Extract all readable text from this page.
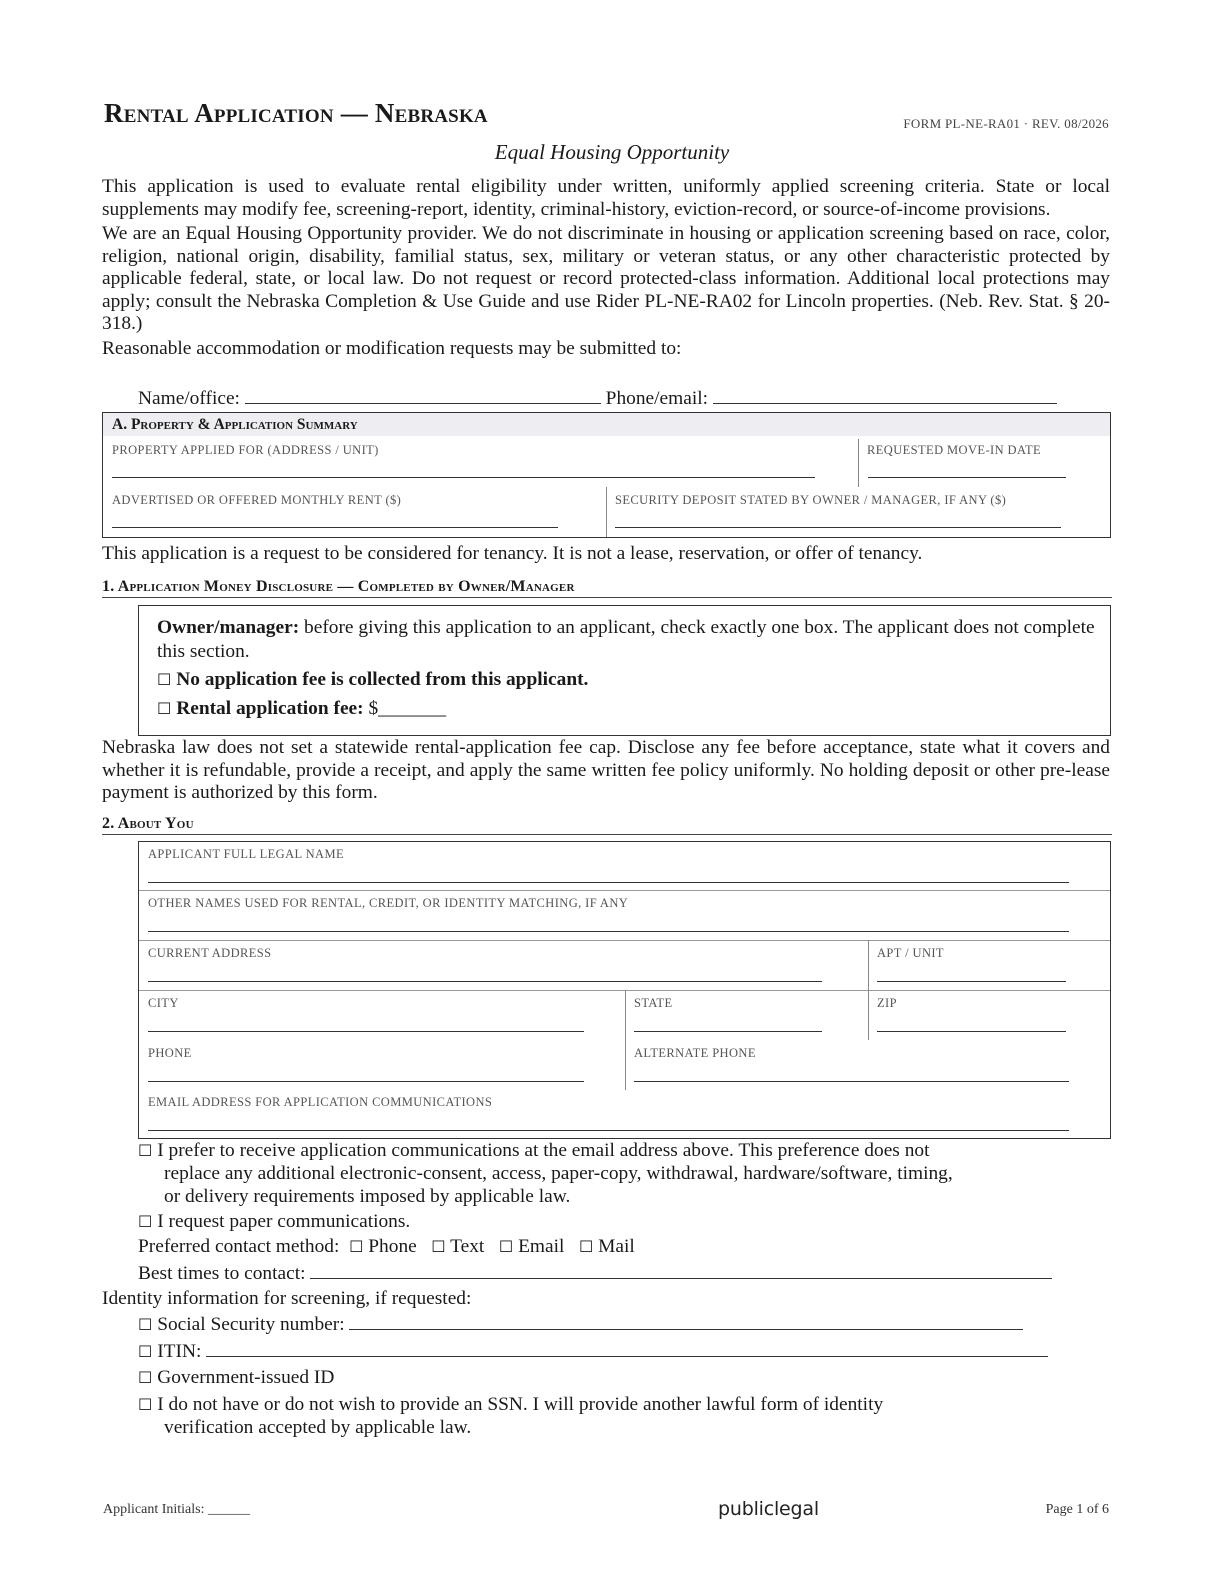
Rental Application — Nebraska	FORM PL-NE-RA01 · REV. 08/2026
Equal Housing Opportunity

This application is used to evaluate rental eligibility under written, uniformly applied screening criteria. State or local supplements may modify fee, screening-report, identity, criminal-history, eviction-record, or source-of-income provisions.

We are an Equal Housing Opportunity provider. We do not discriminate in housing or application screening based on race, color, religion, national origin, disability, familial status, sex, military or veteran status, or any other characteristic protected by applicable federal, state, or local law. Do not request or record protected-class information. Additional local protections may apply; consult the Nebraska Completion & Use Guide and use Rider PL-NE-RA02 for Lincoln properties. (Neb. Rev. Stat. § 20-318.)

Reasonable accommodation or modification requests may be submitted to:

Name/office:	Phone/email:
A. Property & Application Summary
PROPERTY APPLIED FOR (ADDRESS / UNIT)	REQUESTED MOVE-IN DATE
ADVERTISED OR OFFERED MONTHLY RENT ($)	SECURITY DEPOSIT STATED BY OWNER / MANAGER, IF ANY ($)
This application is a request to be considered for tenancy. It is not a lease, reservation, or offer of tenancy.
1. Application Money Disclosure — Completed by Owner/Manager
Owner/manager: before giving this application to an applicant, check exactly one box. The applicant does not complete this section.
☐ No application fee is collected from this applicant.
☐ Rental application fee: $_______

Nebraska law does not set a statewide rental-application fee cap. Disclose any fee before acceptance, state what it covers and whether it is refundable, provide a receipt, and apply the same written fee policy uniformly. No holding deposit or other pre-lease payment is authorized by this form.

2. About You
APPLICANT FULL LEGAL NAME
OTHER NAMES USED FOR RENTAL, CREDIT, OR IDENTITY MATCHING, IF ANY
CURRENT ADDRESS	APT / UNIT
CITY	STATE	ZIP
PHONE	ALTERNATE PHONE
EMAIL ADDRESS FOR APPLICATION COMMUNICATIONS
☐ I prefer to receive application communications at the email address above. This preference does not
replace any additional electronic-consent, access, paper-copy, withdrawal, hardware/software, timing,
or delivery requirements imposed by applicable law.
☐ I request paper communications.
Preferred contact method: ☐ Phone ☐ Text ☐ Email ☐ Mail
Best times to contact:
Identity information for screening, if requested:
☐ Social Security number:
☐ ITIN:
☐ Government-issued ID
☐ I do not have or do not wish to provide an SSN. I will provide another lawful form of identity
verification accepted by applicable law.
Applicant Initials: ______	publiclegal	Page 1 of 6
